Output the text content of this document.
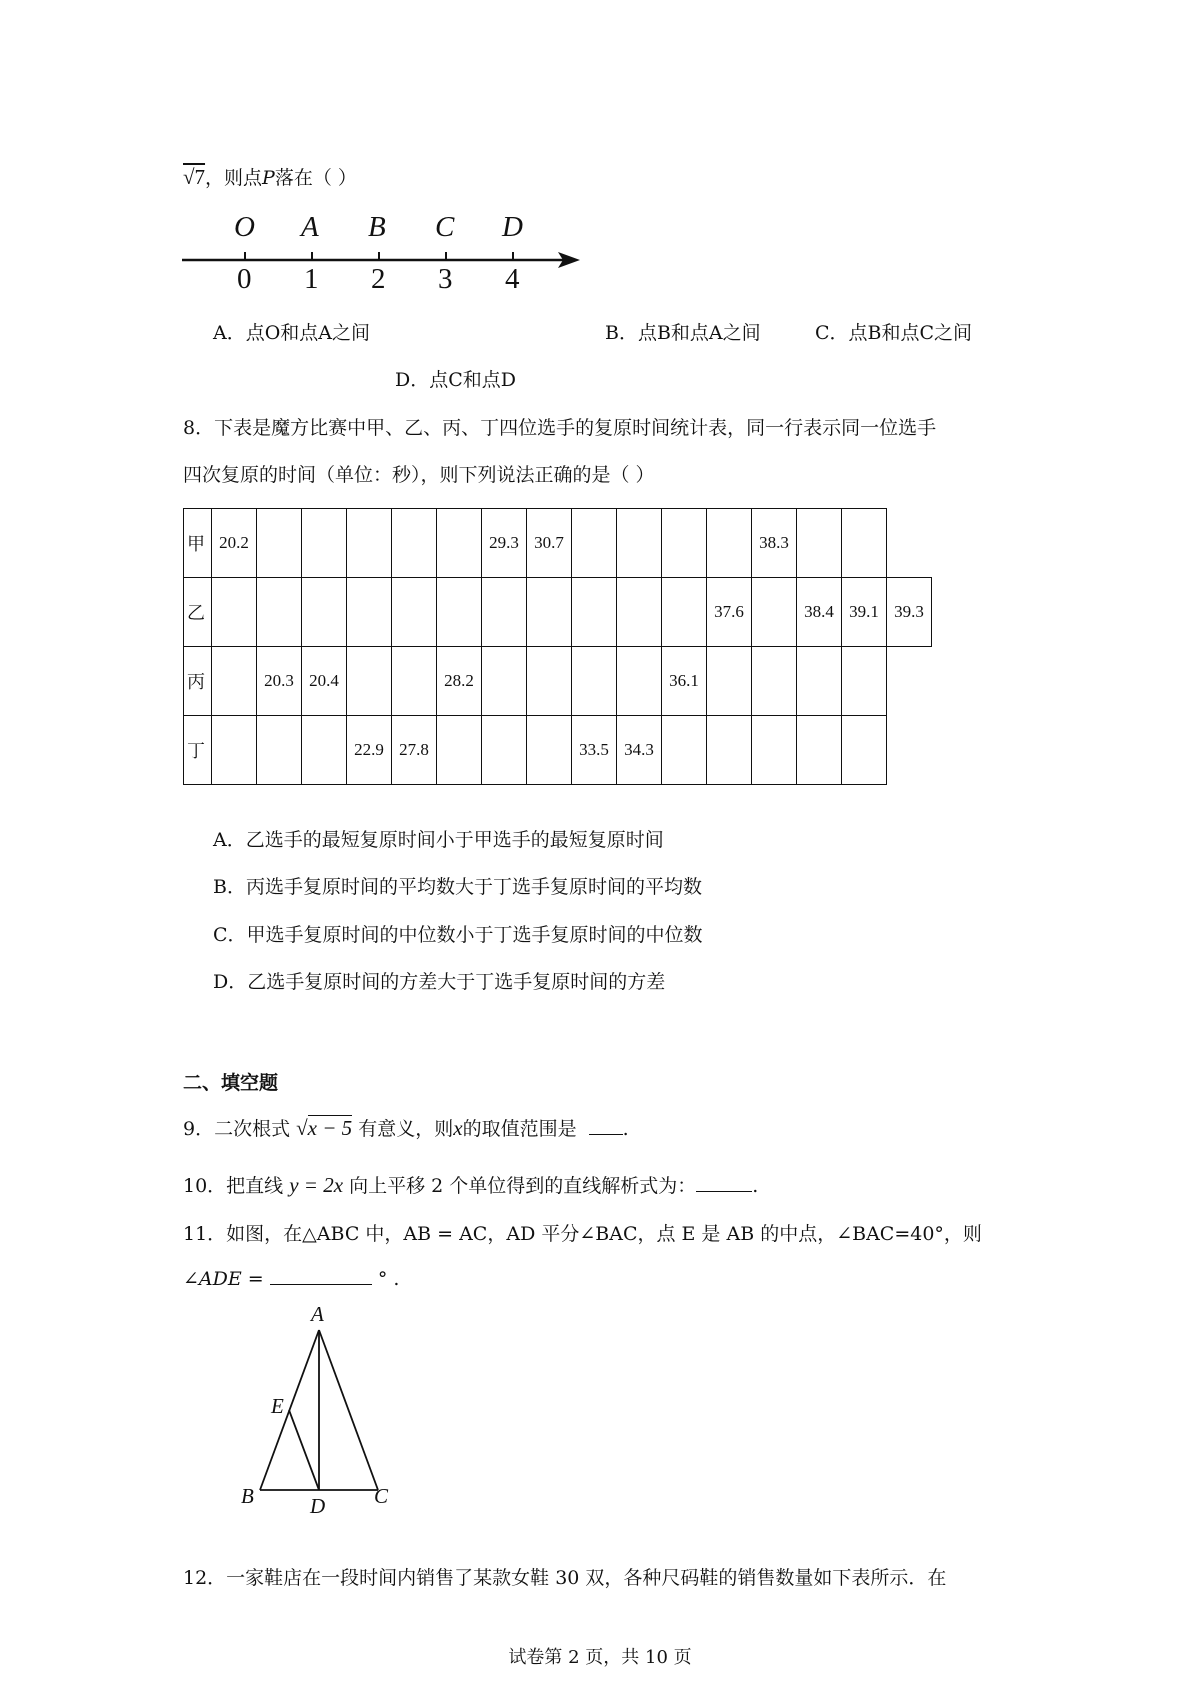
√7，则点P落在（ ）
O
0
A
1
B
2
C
3
D
4
A．点O和点A之间	B．点B和点A之间	C．点B和点C之间
D．点C和点D
8．下表是魔方比赛中甲、乙、丙、丁四位选手的复原时间统计表，同一行表示同一位选手
四次复原的时间（单位：秒），则下列说法正确的是（ ）
甲	20.2						29.3	30.7					38.3			
乙												37.6		38.4	39.1	39.3
丙		20.3	20.4			28.2					36.1					
丁				22.9	27.8				33.5	34.3						
A．乙选手的最短复原时间小于甲选手的最短复原时间
B．丙选手复原时间的平均数大于丁选手复原时间的平均数
C．甲选手复原时间的中位数小于丁选手复原时间的中位数
D．乙选手复原时间的方差大于丁选手复原时间的方差
二、填空题
9．二次根式 √x − 5 有意义，则x的取值范围是 .
10．把直线 y = 2x 向上平移 2 个单位得到的直线解析式为：	.
11．如图，在△ABC 中，AB = AC，AD 平分∠BAC，点 E 是 AB 的中点，∠BAC=40°，则
∠ADE =	° .
A
E
B	D C
12．一家鞋店在一段时间内销售了某款女鞋 30 双，各种尺码鞋的销售数量如下表所示．在
试卷第 2 页，共 10 页
